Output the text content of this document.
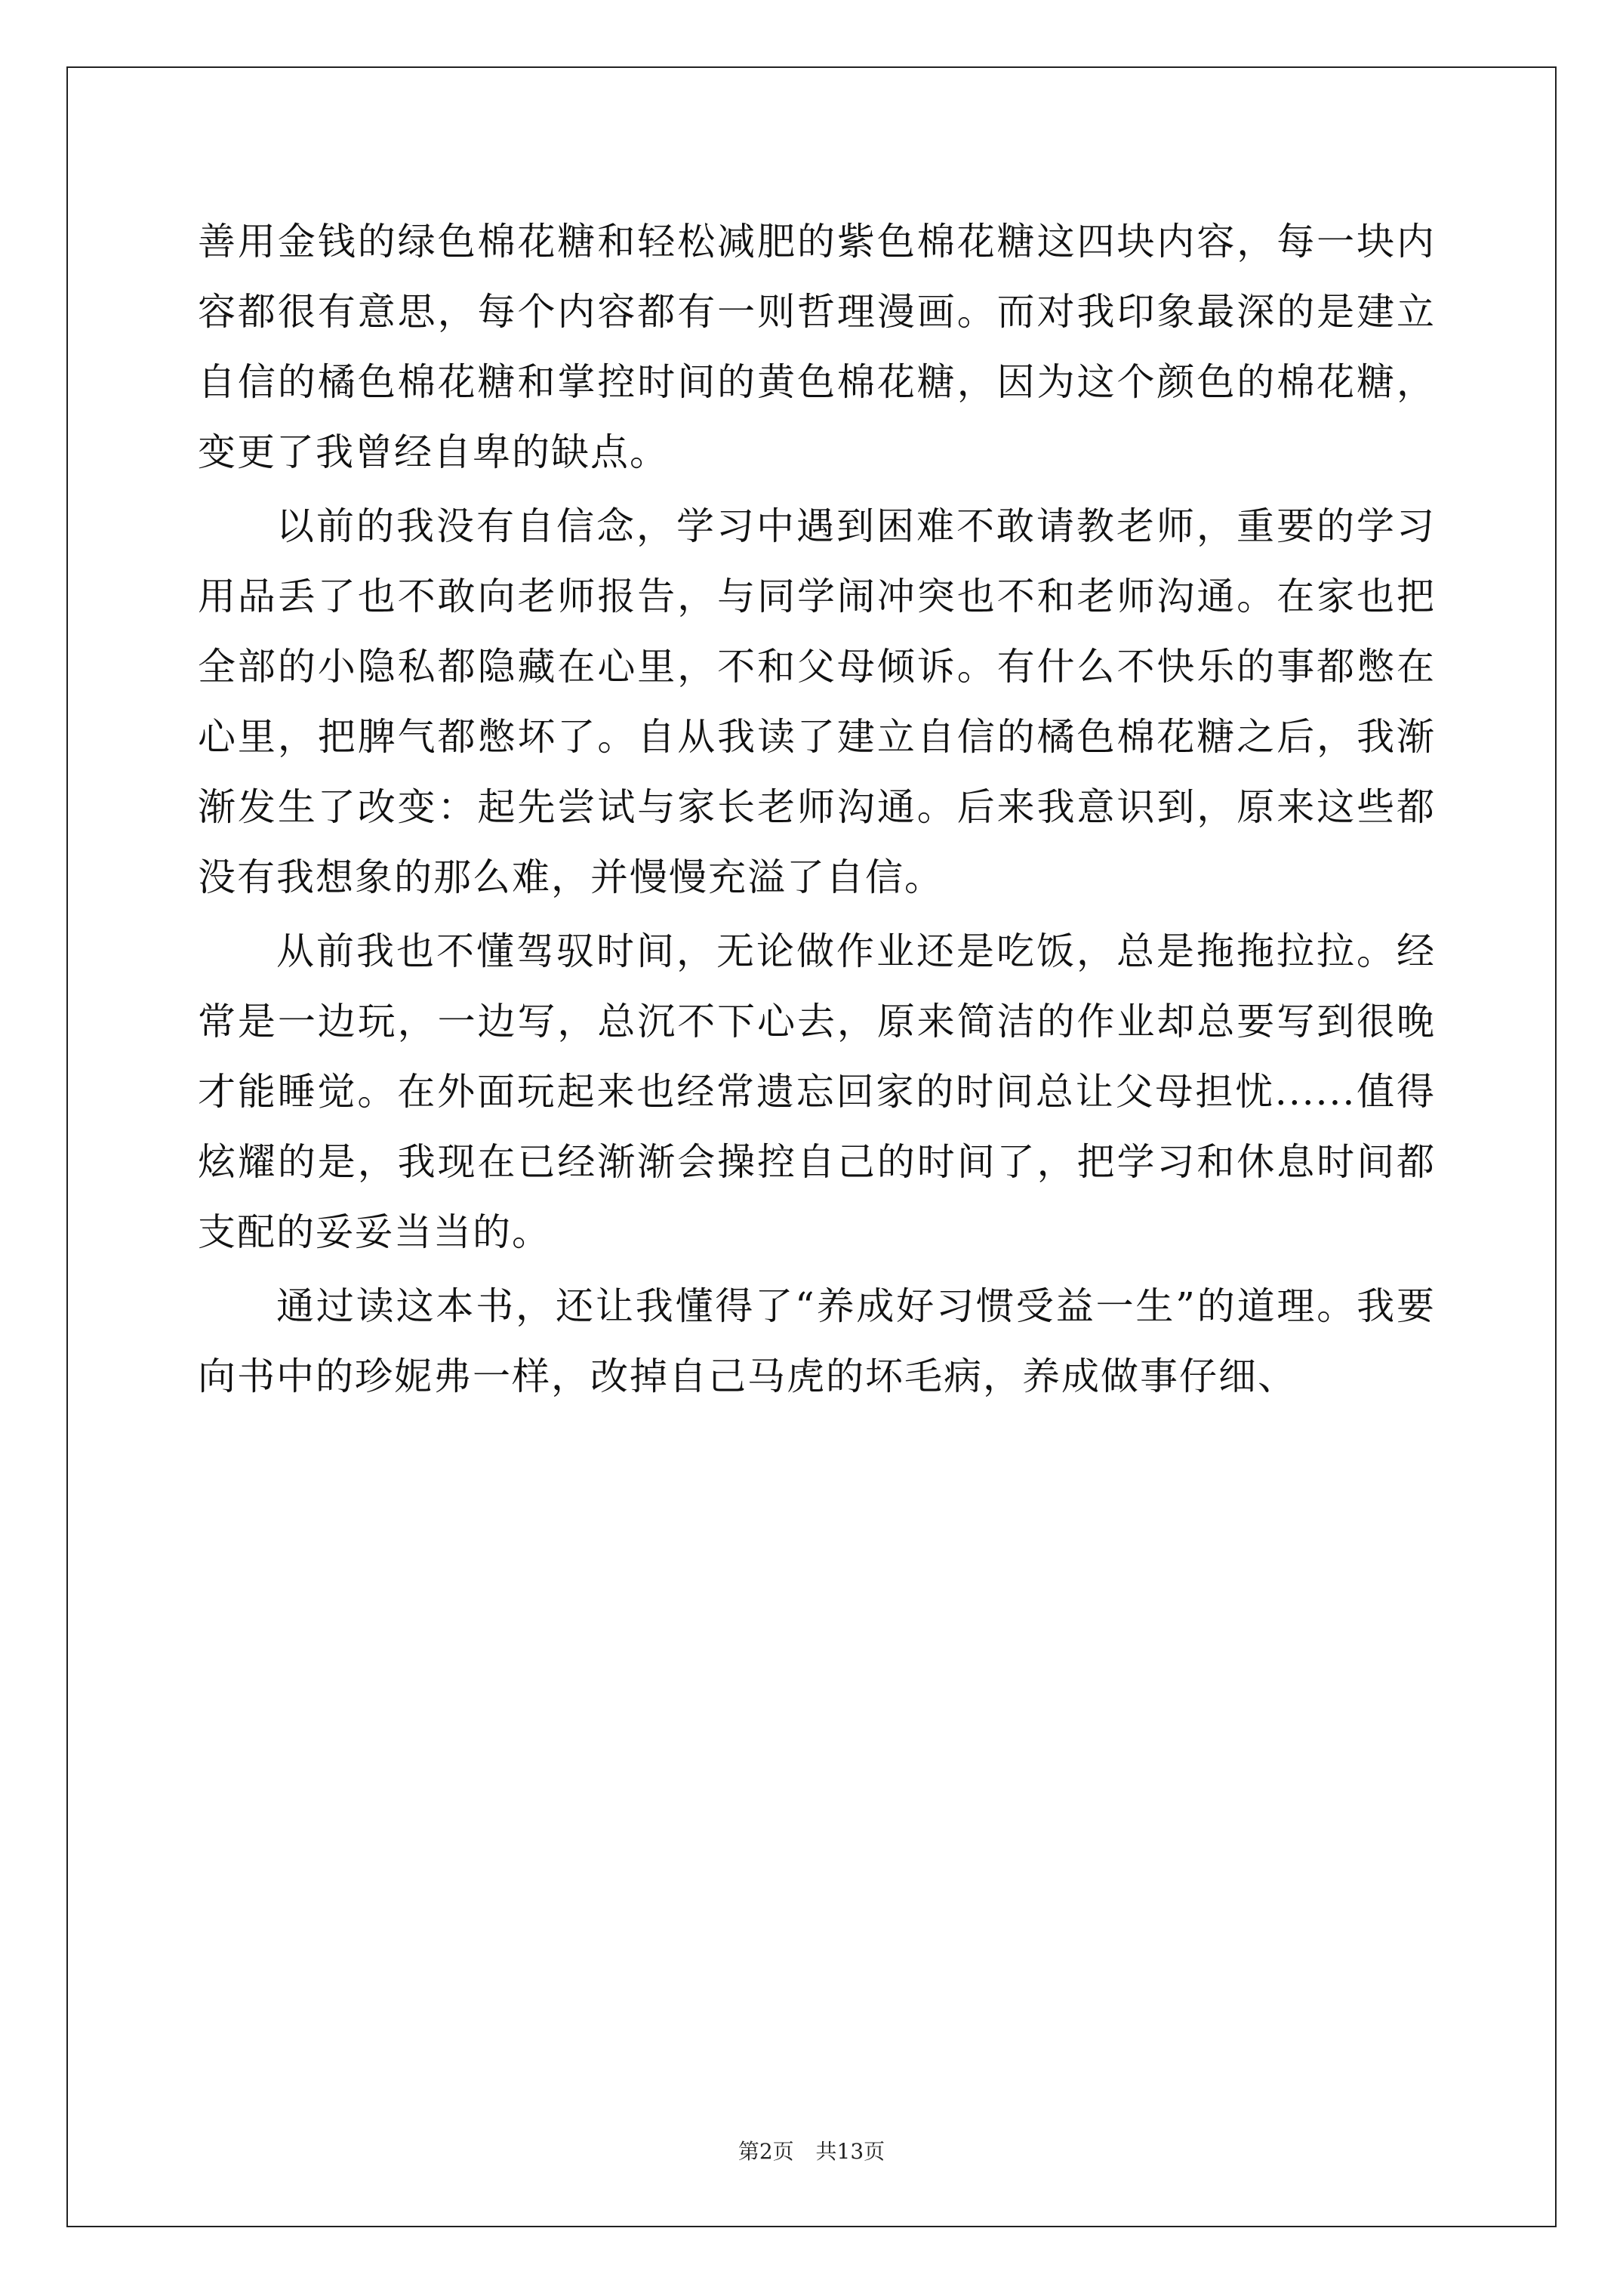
善用金钱的绿色棉花糖和轻松减肥的紫色棉花糖这四块内容，每一块内容都很有意思，每个内容都有一则哲理漫画。而对我印象最深的是建立自信的橘色棉花糖和掌控时间的黄色棉花糖，因为这个颜色的棉花糖，变更了我曾经自卑的缺点。

以前的我没有自信念，学习中遇到困难不敢请教老师，重要的学习用品丢了也不敢向老师报告，与同学闹冲突也不和老师沟通。在家也把全部的小隐私都隐藏在心里，不和父母倾诉。有什么不快乐的事都憋在心里，把脾气都憋坏了。自从我读了建立自信的橘色棉花糖之后，我渐渐发生了改变：起先尝试与家长老师沟通。后来我意识到，原来这些都没有我想象的那么难，并慢慢充溢了自信。

从前我也不懂驾驭时间，无论做作业还是吃饭，总是拖拖拉拉。经常是一边玩，一边写，总沉不下心去，原来简洁的作业却总要写到很晚才能睡觉。在外面玩起来也经常遗忘回家的时间总让父母担忧......值得炫耀的是，我现在已经渐渐会操控自己的时间了，把学习和休息时间都支配的妥妥当当的。

通过读这本书，还让我懂得了“养成好习惯受益一生”的道理。我要向书中的珍妮弗一样，改掉自己马虎的坏毛病，养成做事仔细、

第2页 共13页
